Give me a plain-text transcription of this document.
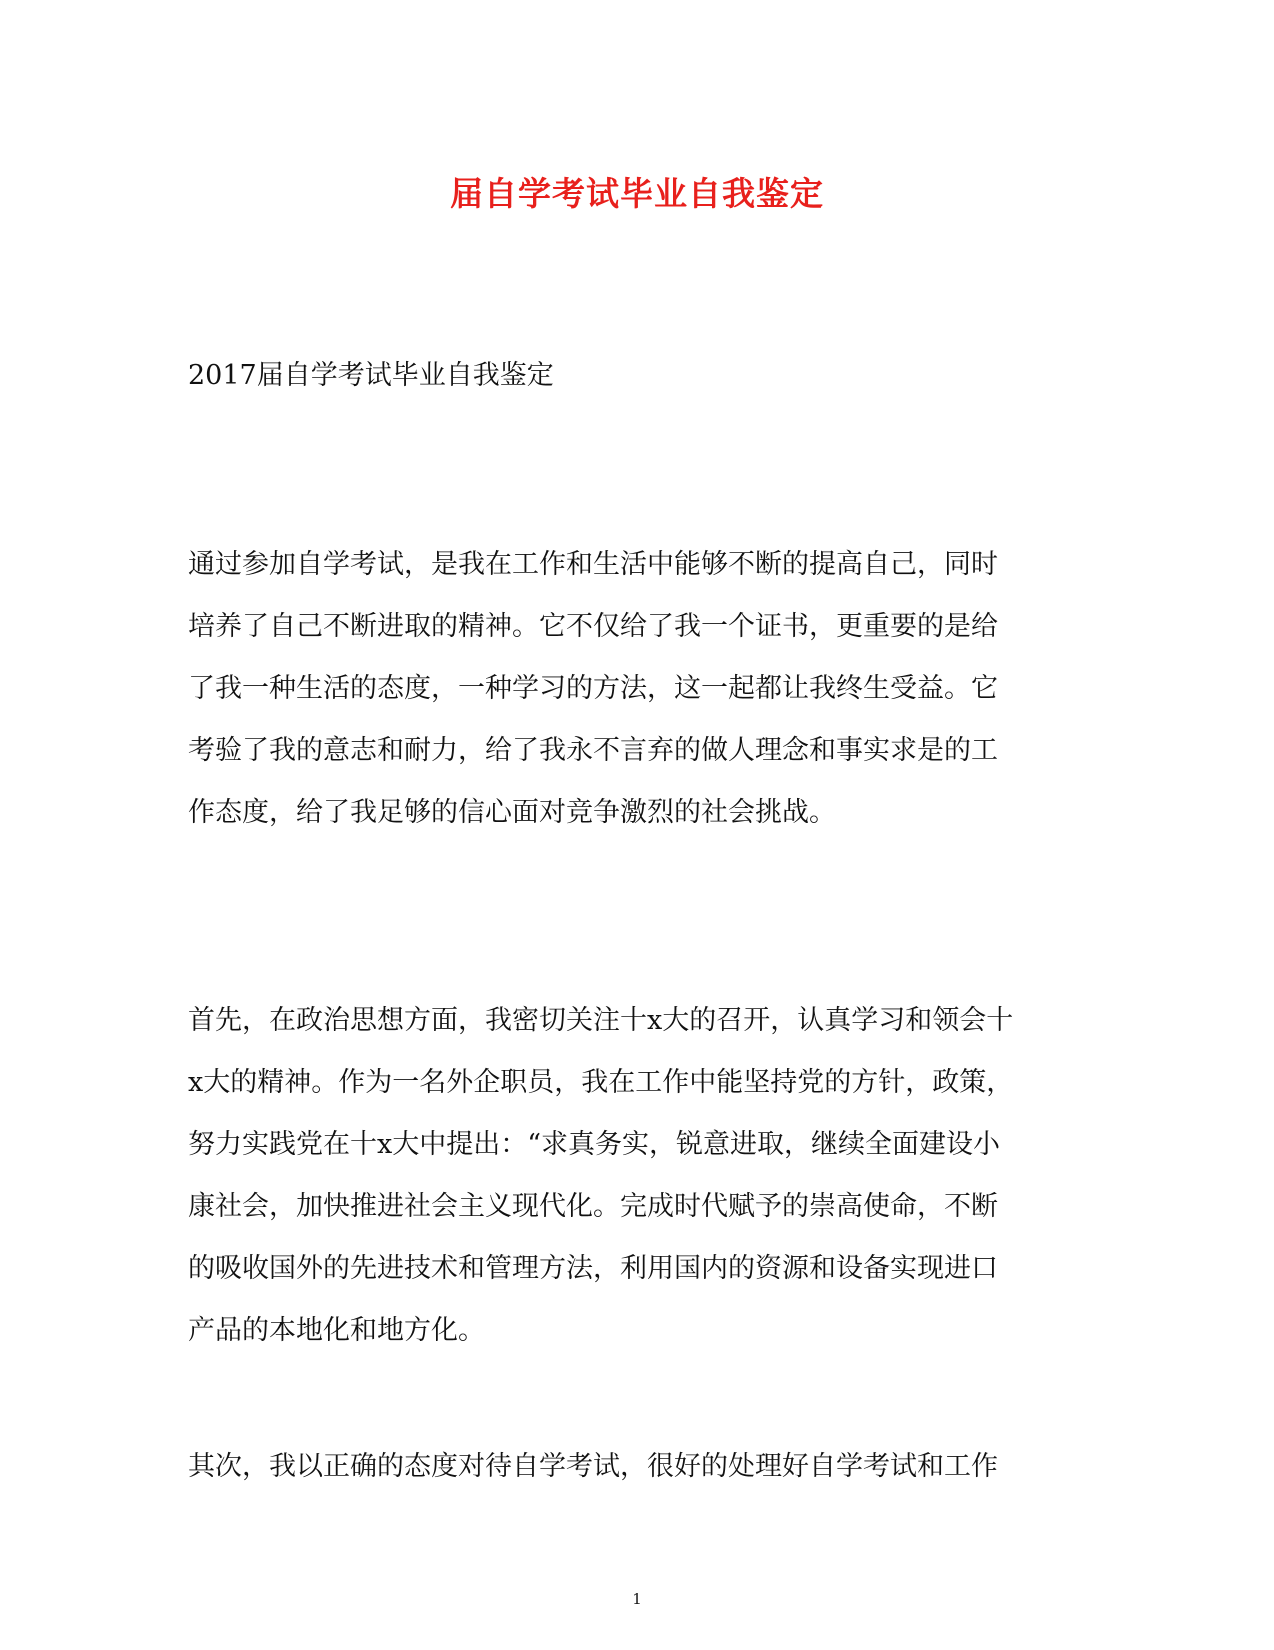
届自学考试毕业自我鉴定

2017届自学考试毕业自我鉴定

通过参加自学考试，是我在工作和生活中能够不断的提高自己，同时
培养了自己不断进取的精神。它不仅给了我一个证书，更重要的是给
了我一种生活的态度，一种学习的方法，这一起都让我终生受益。它
考验了我的意志和耐力，给了我永不言弃的做人理念和事实求是的工
作态度，给了我足够的信心面对竞争激烈的社会挑战。

首先，在政治思想方面，我密切关注十x大的召开，认真学习和领会十
x大的精神。作为一名外企职员，我在工作中能坚持党的方针，政策，
努力实践党在十x大中提出：“求真务实，锐意进取，继续全面建设小
康社会，加快推进社会主义现代化。完成时代赋予的崇高使命，不断
的吸收国外的先进技术和管理方法，利用国内的资源和设备实现进口
产品的本地化和地方化。

其次，我以正确的态度对待自学考试，很好的处理好自学考试和工作

1
